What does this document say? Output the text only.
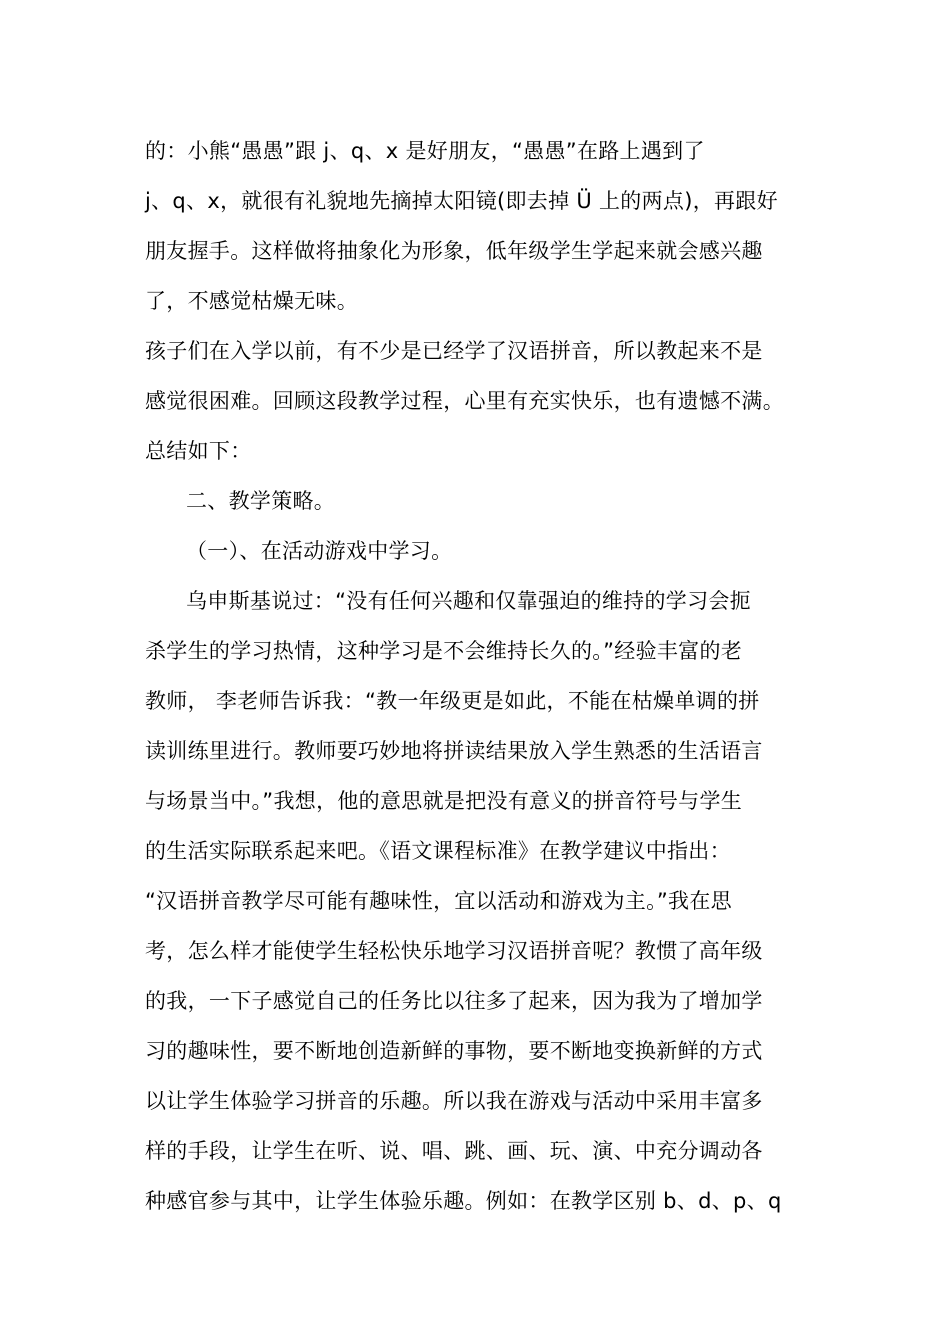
的：小熊“愚愚”跟 j、q、x 是好朋友，“愚愚”在路上遇到了
j、q、x，就很有礼貌地先摘掉太阳镜(即去掉 Ü 上的两点)，再跟好
朋友握手。这样做将抽象化为形象，低年级学生学起来就会感兴趣
了，不感觉枯燥无味。
孩子们在入学以前，有不少是已经学了汉语拼音，所以教起来不是
感觉很困难。回顾这段教学过程，心里有充实快乐，也有遗憾不满。
总结如下：
二、教学策略。
（一）、在活动游戏中学习。
乌申斯基说过：“没有任何兴趣和仅靠强迫的维持的学习会扼
杀学生的学习热情，这种学习是不会维持长久的。”经验丰富的老
教师， 李老师告诉我：“教一年级更是如此，不能在枯燥单调的拼
读训练里进行。教师要巧妙地将拼读结果放入学生熟悉的生活语言
与场景当中。”我想，他的意思就是把没有意义的拼音符号与学生
的生活实际联系起来吧。《语文课程标准》在教学建议中指出：
“汉语拼音教学尽可能有趣味性，宜以活动和游戏为主。”我在思
考，怎么样才能使学生轻松快乐地学习汉语拼音呢？教惯了高年级
的我，一下子感觉自己的任务比以往多了起来，因为我为了增加学
习的趣味性，要不断地创造新鲜的事物，要不断地变换新鲜的方式
以让学生体验学习拼音的乐趣。所以我在游戏与活动中采用丰富多
样的手段，让学生在听、说、唱、跳、画、玩、演、中充分调动各
种感官参与其中，让学生体验乐趣。例如：在教学区别 b、d、p、q
